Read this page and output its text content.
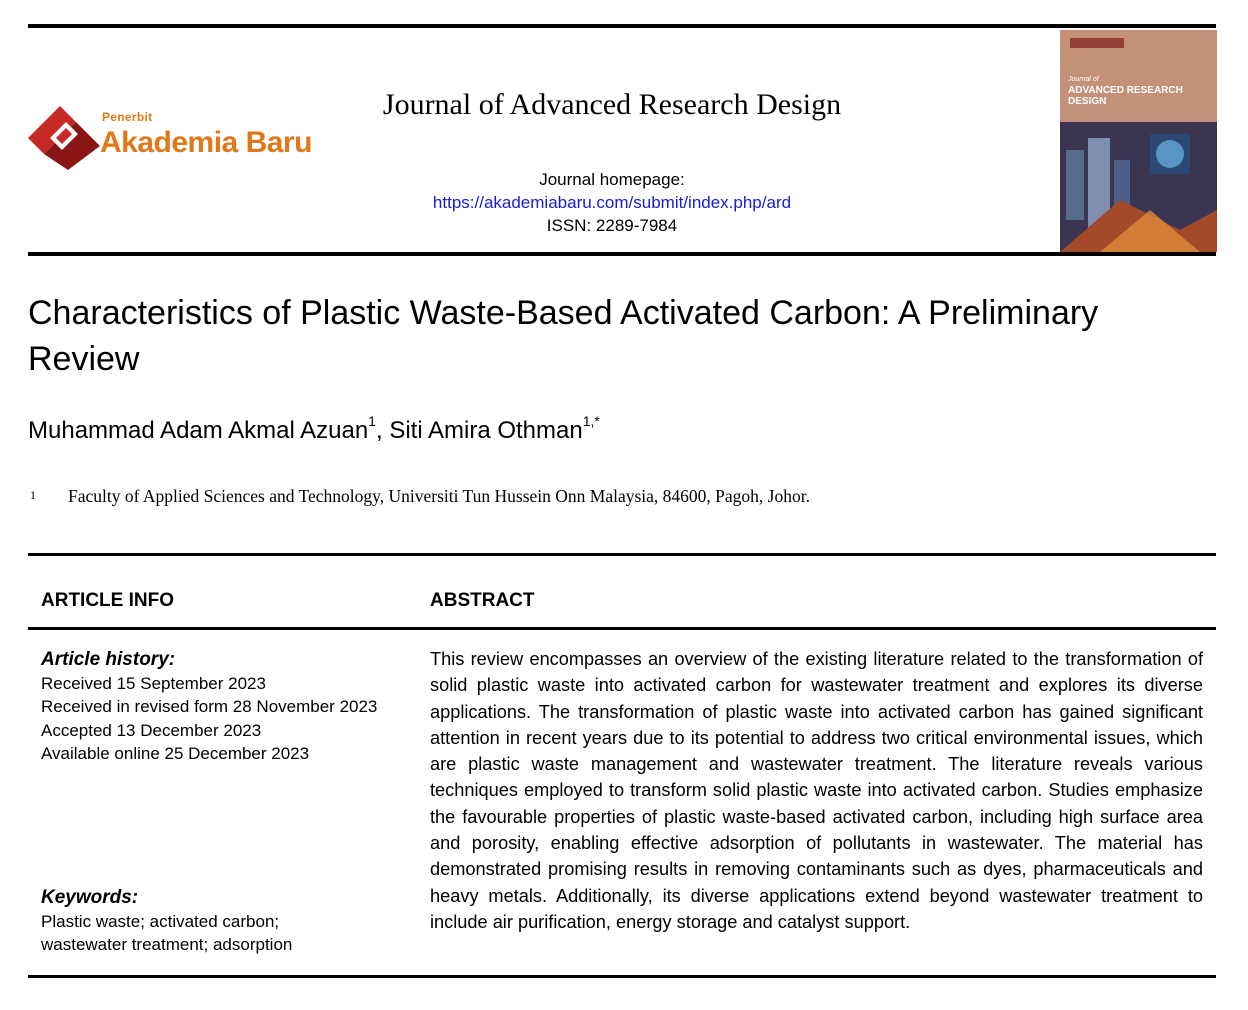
Penerbit
Akademia Baru
Journal of Advanced Research Design
Journal homepage:
https://akademiabaru.com/submit/index.php/ard
ISSN: 2289-7984
Journal of
ADVANCED RESEARCH
DESIGN
Characteristics of Plastic Waste-Based Activated Carbon: A Preliminary
Review
Muhammad Adam Akmal Azuan$^1$, Siti Amira Othman$^{1,*}$
1 Faculty of Applied Sciences and Technology, Universiti Tun Hussein Onn Malaysia, 84600, Pagoh, Johor.
ARTICLE INFO	ABSTRACT
Article history:
Received 15 September 2023
Received in revised form 28 November 2023
Accepted 13 December 2023
Available online 25 December 2023
Keywords:
Plastic waste; activated carbon;
wastewater treatment; adsorption
This review encompasses an overview of the existing literature related to the transformation of solid plastic waste into activated carbon for wastewater treatment and explores its diverse applications. The transformation of plastic waste into activated carbon has gained significant attention in recent years due to its potential to address two critical environmental issues, which are plastic waste management and wastewater treatment. The literature reveals various techniques employed to transform solid plastic waste into activated carbon. Studies emphasize the favourable properties of plastic waste-based activated carbon, including high surface area and porosity, enabling effective adsorption of pollutants in wastewater. The material has demonstrated promising results in removing contaminants such as dyes, pharmaceuticals and heavy metals. Additionally, its diverse applications extend beyond wastewater treatment to include air purification, energy storage and catalyst support.
